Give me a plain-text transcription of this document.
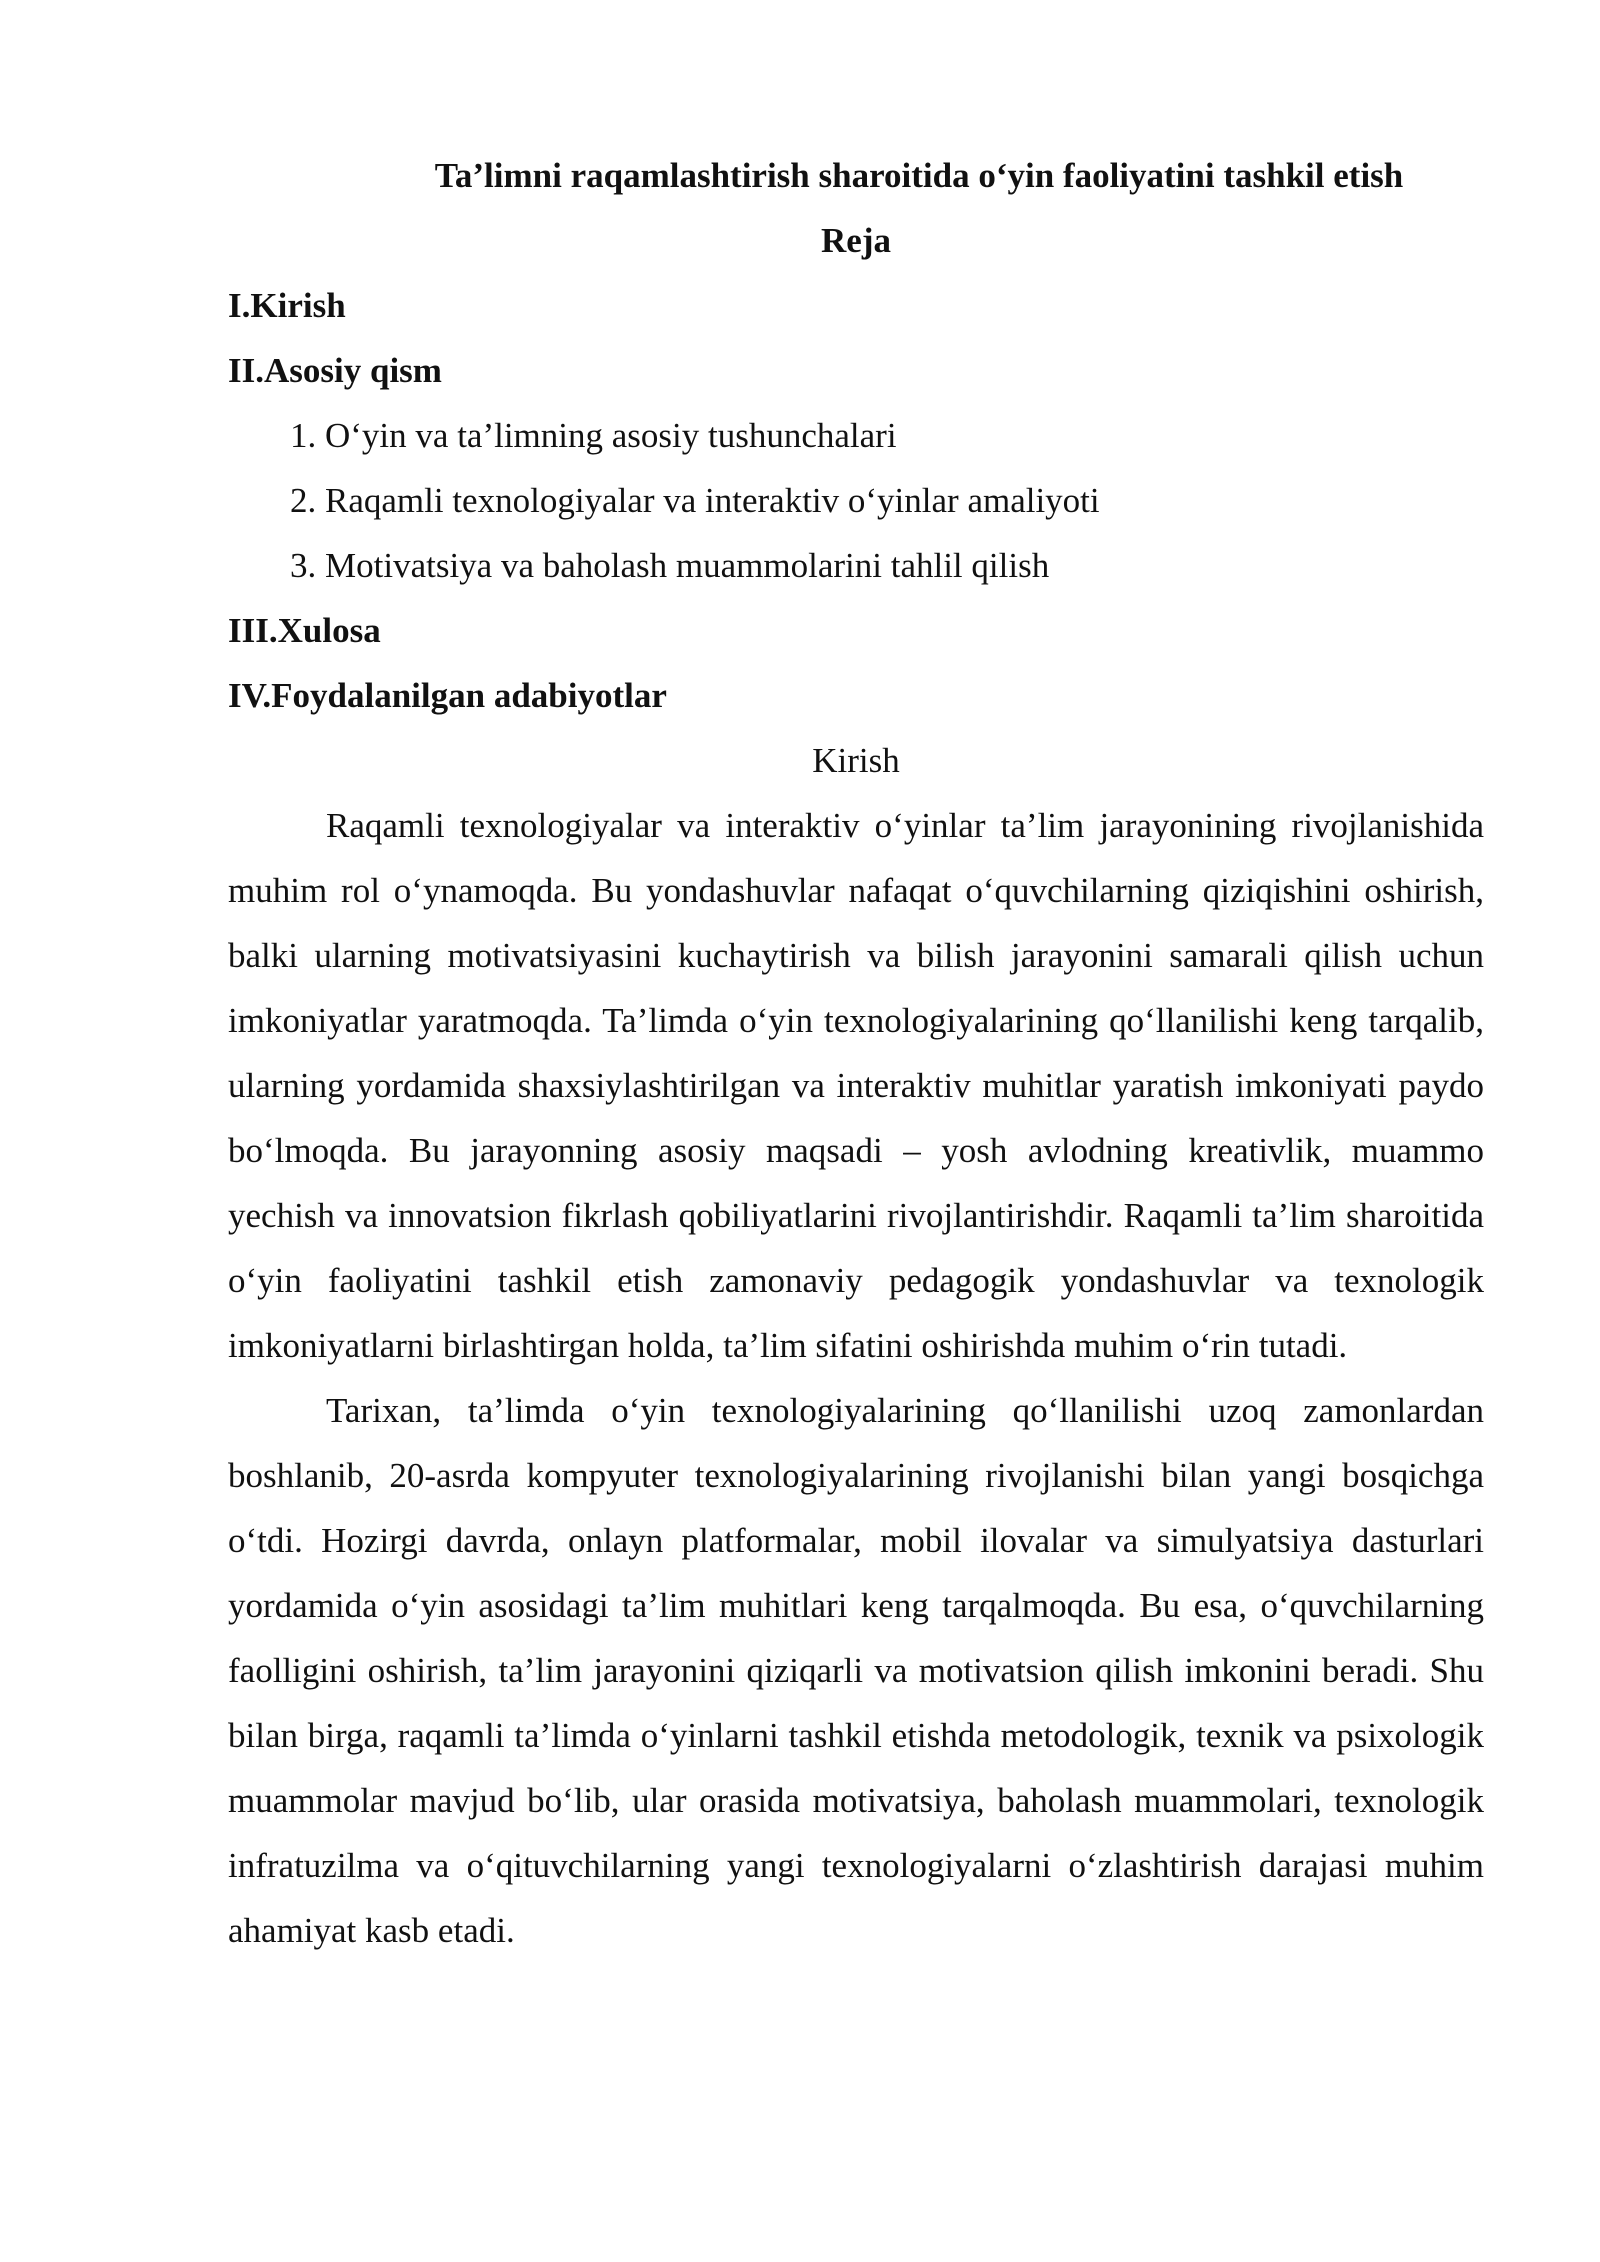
Ta’limni raqamlashtirish sharoitida o‘yin faoliyatini tashkil etish
Reja
I.Kirish
II.Asosiy qism
1. O‘yin va ta’limning asosiy tushunchalari
2. Raqamli texnologiyalar va interaktiv o‘yinlar amaliyoti
3. Motivatsiya va baholash muammolarini tahlil qilish
III.Xulosa
IV.Foydalanilgan adabiyotlar
Kirish

Raqamli texnologiyalar va interaktiv o‘yinlar ta’lim jarayonining rivojlanishida muhim rol o‘ynamoqda. Bu yondashuvlar nafaqat o‘quvchilarning qiziqishini oshirish, balki ularning motivatsiyasini kuchaytirish va bilish jarayonini samarali qilish uchun imkoniyatlar yaratmoqda. Ta’limda o‘yin texnologiyalarining qo‘llanilishi keng tarqalib, ularning yordamida shaxsiylashtirilgan va interaktiv muhitlar yaratish imkoniyati paydo bo‘lmoqda. Bu jarayonning asosiy maqsadi – yosh avlodning kreativlik, muammo yechish va innovatsion fikrlash qobiliyatlarini rivojlantirishdir. Raqamli ta’lim sharoitida o‘yin faoliyatini tashkil etish zamonaviy pedagogik yondashuvlar va texnologik imkoniyatlarni birlashtirgan holda, ta’lim sifatini oshirishda muhim o‘rin tutadi.

Tarixan, ta’limda o‘yin texnologiyalarining qo‘llanilishi uzoq zamonlardan boshlanib, 20-asrda kompyuter texnologiyalarining rivojlanishi bilan yangi bosqichga o‘tdi. Hozirgi davrda, onlayn platformalar, mobil ilovalar va simulyatsiya dasturlari yordamida o‘yin asosidagi ta’lim muhitlari keng tarqalmoqda. Bu esa, o‘quvchilarning faolligini oshirish, ta’lim jarayonini qiziqarli va motivatsion qilish imkonini beradi. Shu bilan birga, raqamli ta’limda o‘yinlarni tashkil etishda metodologik, texnik va psixologik muammolar mavjud bo‘lib, ular orasida motivatsiya, baholash muammolari, texnologik infratuzilma va o‘qituvchilarning yangi texnologiyalarni o‘zlashtirish darajasi muhim ahamiyat kasb etadi.
